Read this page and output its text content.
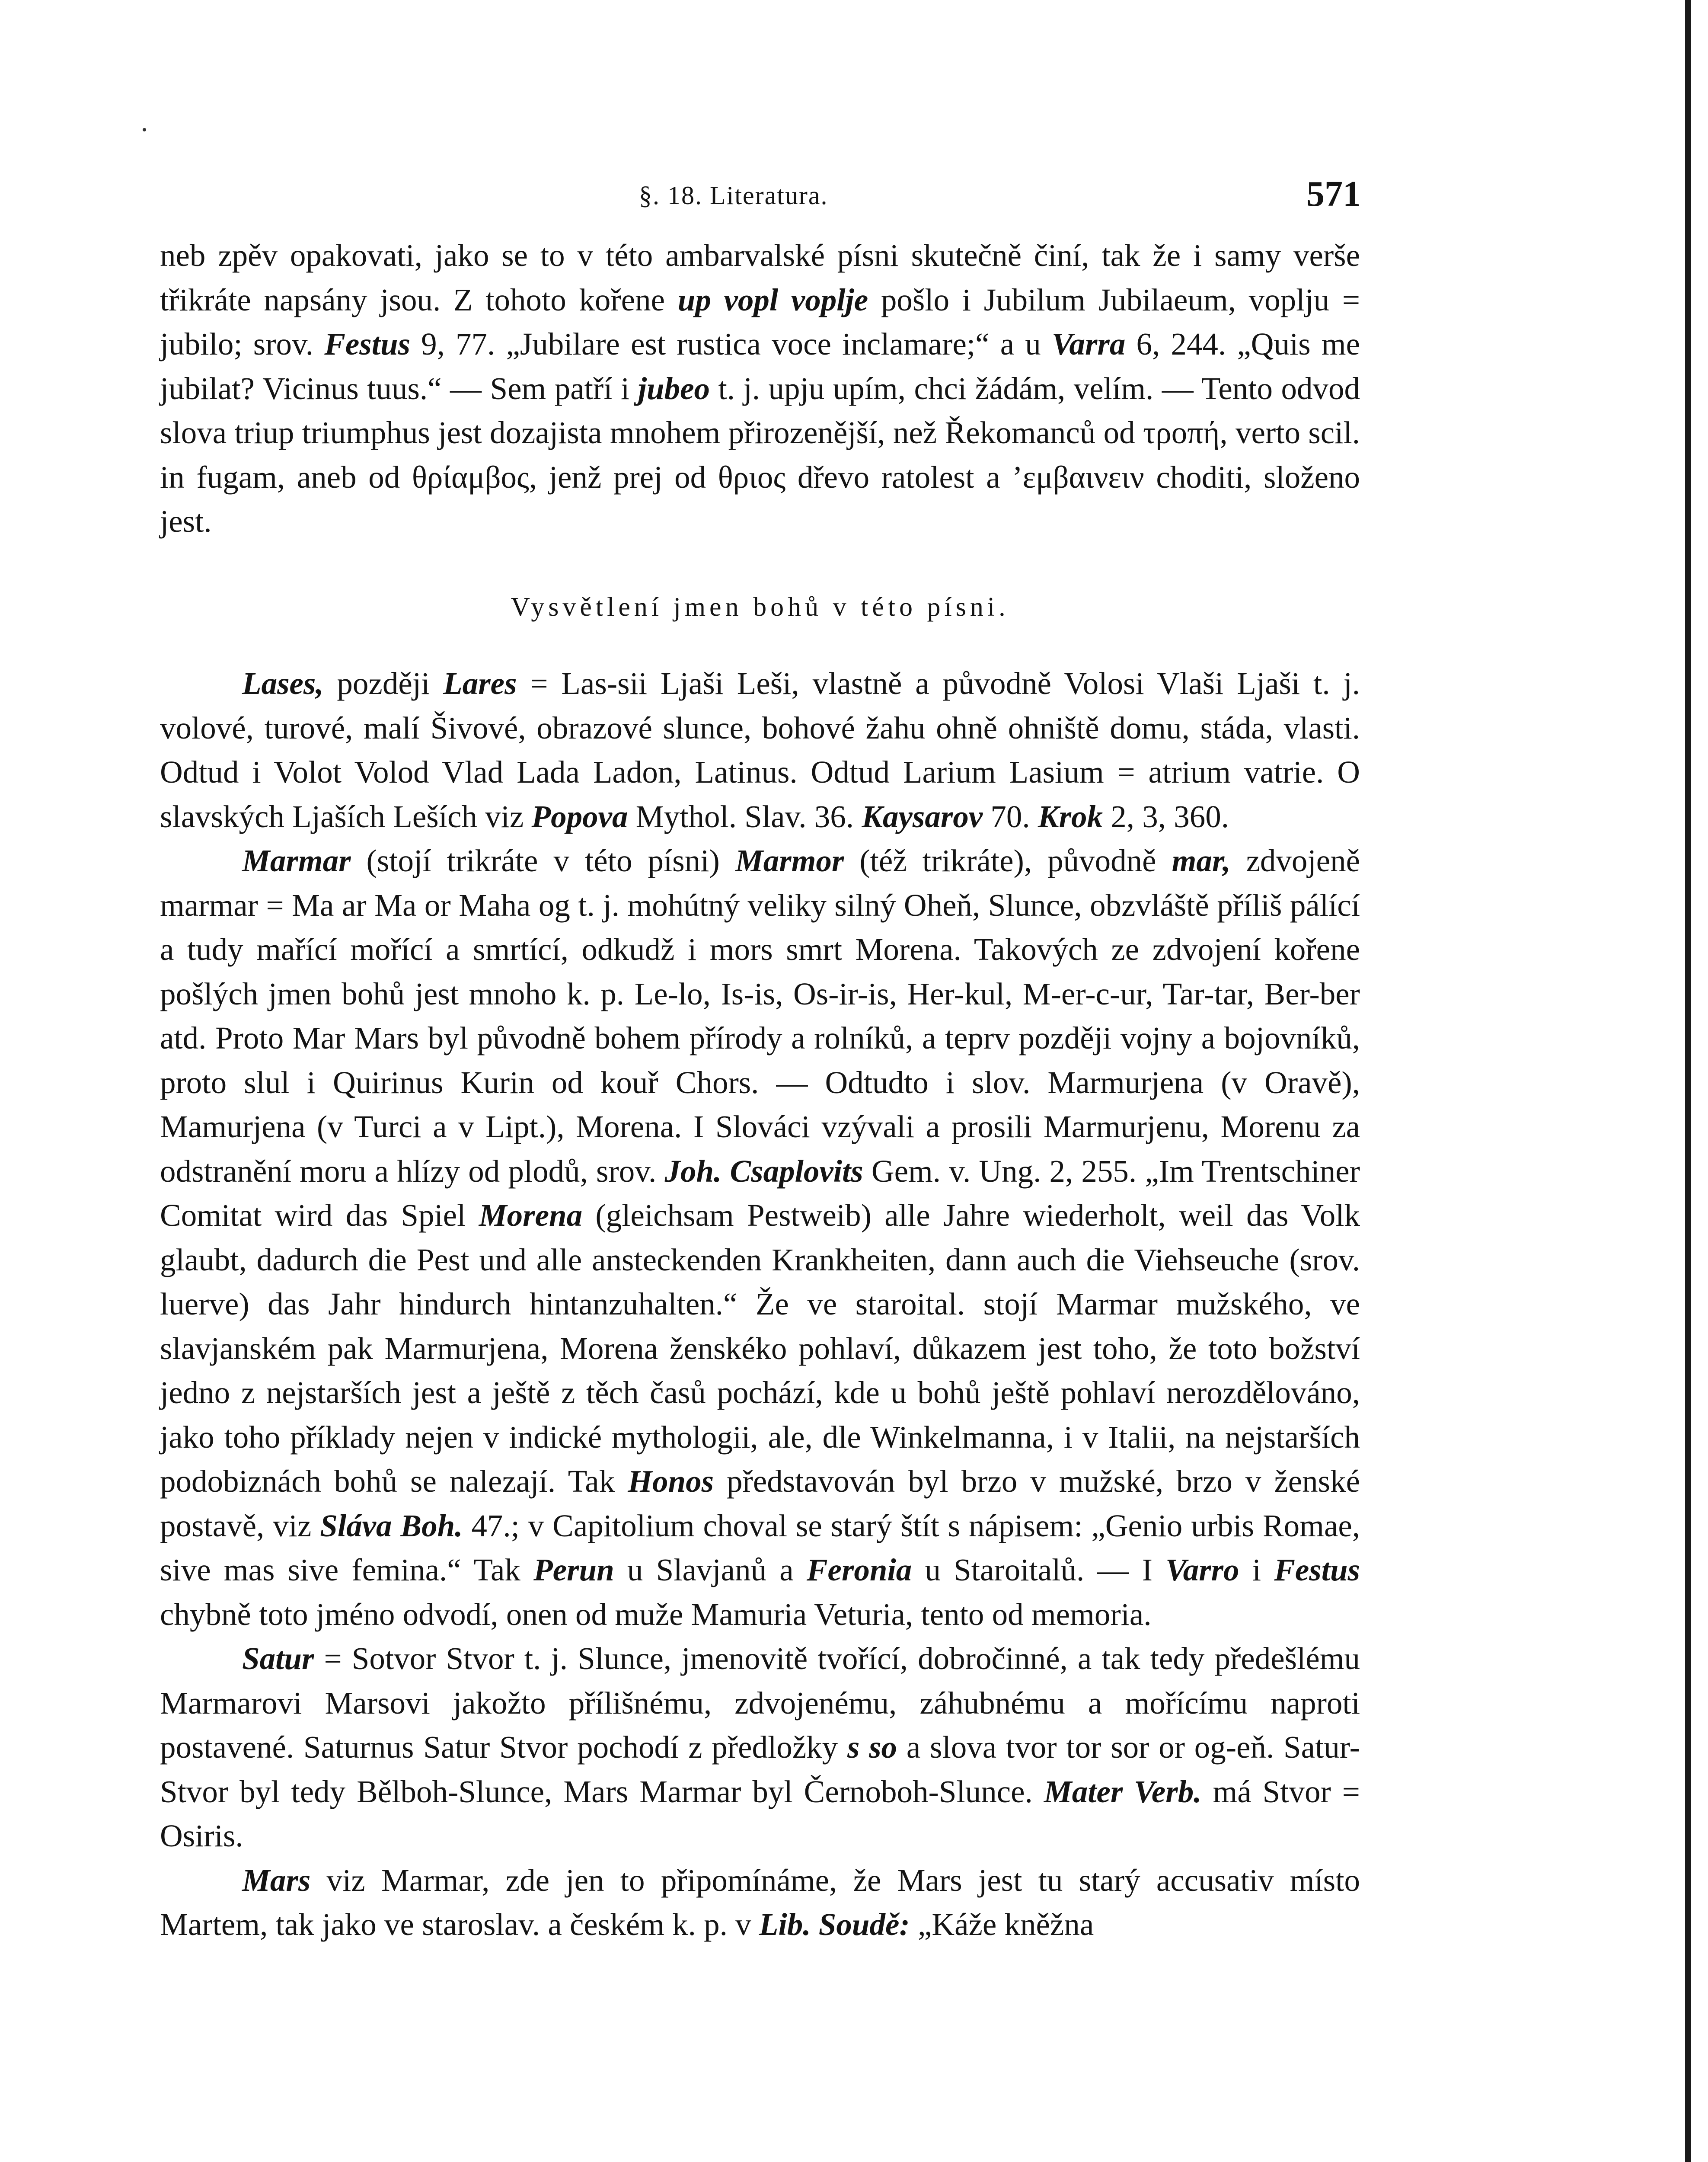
§. 18. Literatura.	571

neb zpěv opakovati, jako se to v této ambarvalské písni skutečně činí, tak že i samy verše třikráte napsány jsou. Z tohoto kořene up vopl voplje pošlo i Jubilum Jubilaeum, voplju = jubilo; srov. Festus 9, 77. „Jubilare est rustica voce inclamare;“ a u Varra 6, 244. „Quis me jubilat? Vicinus tuus.“ — Sem patří i jubeo t. j. upju upím, chci žádám, velím. — Tento odvod slova triup triumphus jest dozajista mnohem přirozenější, než Řekomanců od τροπή, verto scil. in fugam, aneb od θρίαμβος, jenž prej od θριος dřevo ratolest a ’εμβαινειν choditi, složeno jest.

Vysvětlení jmen bohů v této písni.

Lases, později Lares = Las-sii Ljaši Leši, vlastně a původně Volosi Vlaši Ljaši t. j. volové, turové, malí Šivové, obrazové slunce, bohové žahu ohně ohniště domu, stáda, vlasti. Odtud i Volot Volod Vlad Lada Ladon, Latinus. Odtud Larium Lasium = atrium vatrie. O slavských Ljaších Leších viz Popova Mythol. Slav. 36. Kaysarov 70. Krok 2, 3, 360.

Marmar (stojí trikráte v této písni) Marmor (též trikráte), původně mar, zdvojeně marmar = Ma ar Ma or Maha og t. j. mohútný veliky silný Oheň, Slunce, obzvláště příliš pálící a tudy mařící mořící a smrtící, odkudž i mors smrt Morena. Takových ze zdvojení kořene pošlých jmen bohů jest mnoho k. p. Le-lo, Is-is, Os-ir-is, Her-kul, M-er-c-ur, Tar-tar, Ber-ber atd. Proto Mar Mars byl původně bohem přírody a rolníků, a teprv později vojny a bojovníků, proto slul i Quirinus Kurin od kouř Chors. — Odtudto i slov. Marmurjena (v Oravě), Mamurjena (v Turci a v Lipt.), Morena. I Slováci vzývali a prosili Marmurjenu, Morenu za odstranění moru a hlízy od plodů, srov. Joh. Csaplovits Gem. v. Ung. 2, 255. „Im Trentschiner Comitat wird das Spiel Morena (gleichsam Pestweib) alle Jahre wiederholt, weil das Volk glaubt, dadurch die Pest und alle ansteckenden Krankheiten, dann auch die Viehseuche (srov. luerve) das Jahr hindurch hintanzuhalten.“ Že ve staroital. stojí Marmar mužského, ve slavjanském pak Marmurjena, Morena ženskéko pohlaví, důkazem jest toho, že toto božství jedno z nejstarších jest a ještě z těch časů pochází, kde u bohů ještě pohlaví nerozdělováno, jako toho příklady nejen v indické mythologii, ale, dle Winkelmanna, i v Italii, na nejstarších podobiznách bohů se nalezají. Tak Honos představován byl brzo v mužské, brzo v ženské postavě, viz Sláva Boh. 47.; v Capitolium choval se starý štít s nápisem: „Genio urbis Romae, sive mas sive femina.“ Tak Perun u Slavjanů a Feronia u Staroitalů. — I Varro i Festus chybně toto jméno odvodí, onen od muže Mamuria Veturia, tento od memoria.

Satur = Sotvor Stvor t. j. Slunce, jmenovitě tvořící, dobročinné, a tak tedy předešlému Marmarovi Marsovi jakožto přílišnému, zdvojenému, záhubnému a mořícímu naproti postavené. Saturnus Satur Stvor pochodí z předložky s so a slova tvor tor sor or og-eň. Satur-Stvor byl tedy Bělboh-Slunce, Mars Marmar byl Černoboh-Slunce. Mater Verb. má Stvor = Osiris.

Mars viz Marmar, zde jen to připomínáme, že Mars jest tu starý accusativ místo Martem, tak jako ve staroslav. a českém k. p. v Lib. Soudě: „Káže kněžna
